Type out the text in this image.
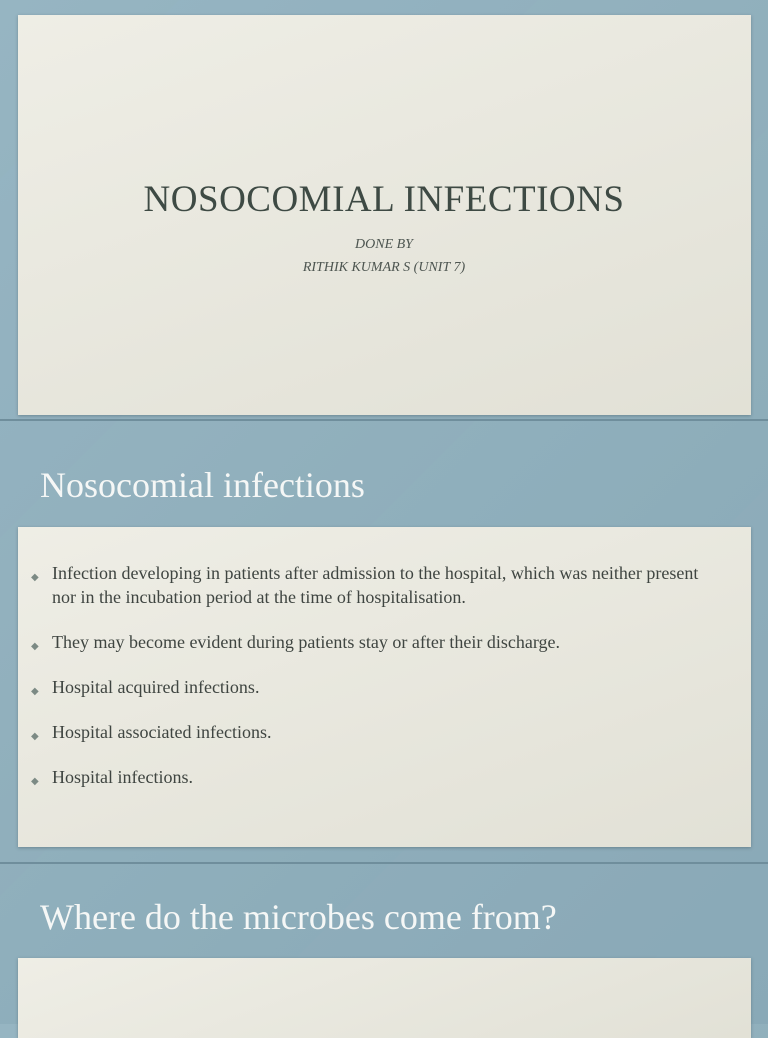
NOSOCOMIAL INFECTIONS
DONE BY
RITHIK KUMAR S (UNIT 7)
Nosocomial infections
◆ Infection developing in patients after admission to the hospital, which was neither present nor in the incubation period at the time of hospitalisation.
◆ They may become evident during patients stay or after their discharge.
◆ Hospital acquired infections.
◆ Hospital associated infections.
◆ Hospital infections.
Where do the microbes come from?
